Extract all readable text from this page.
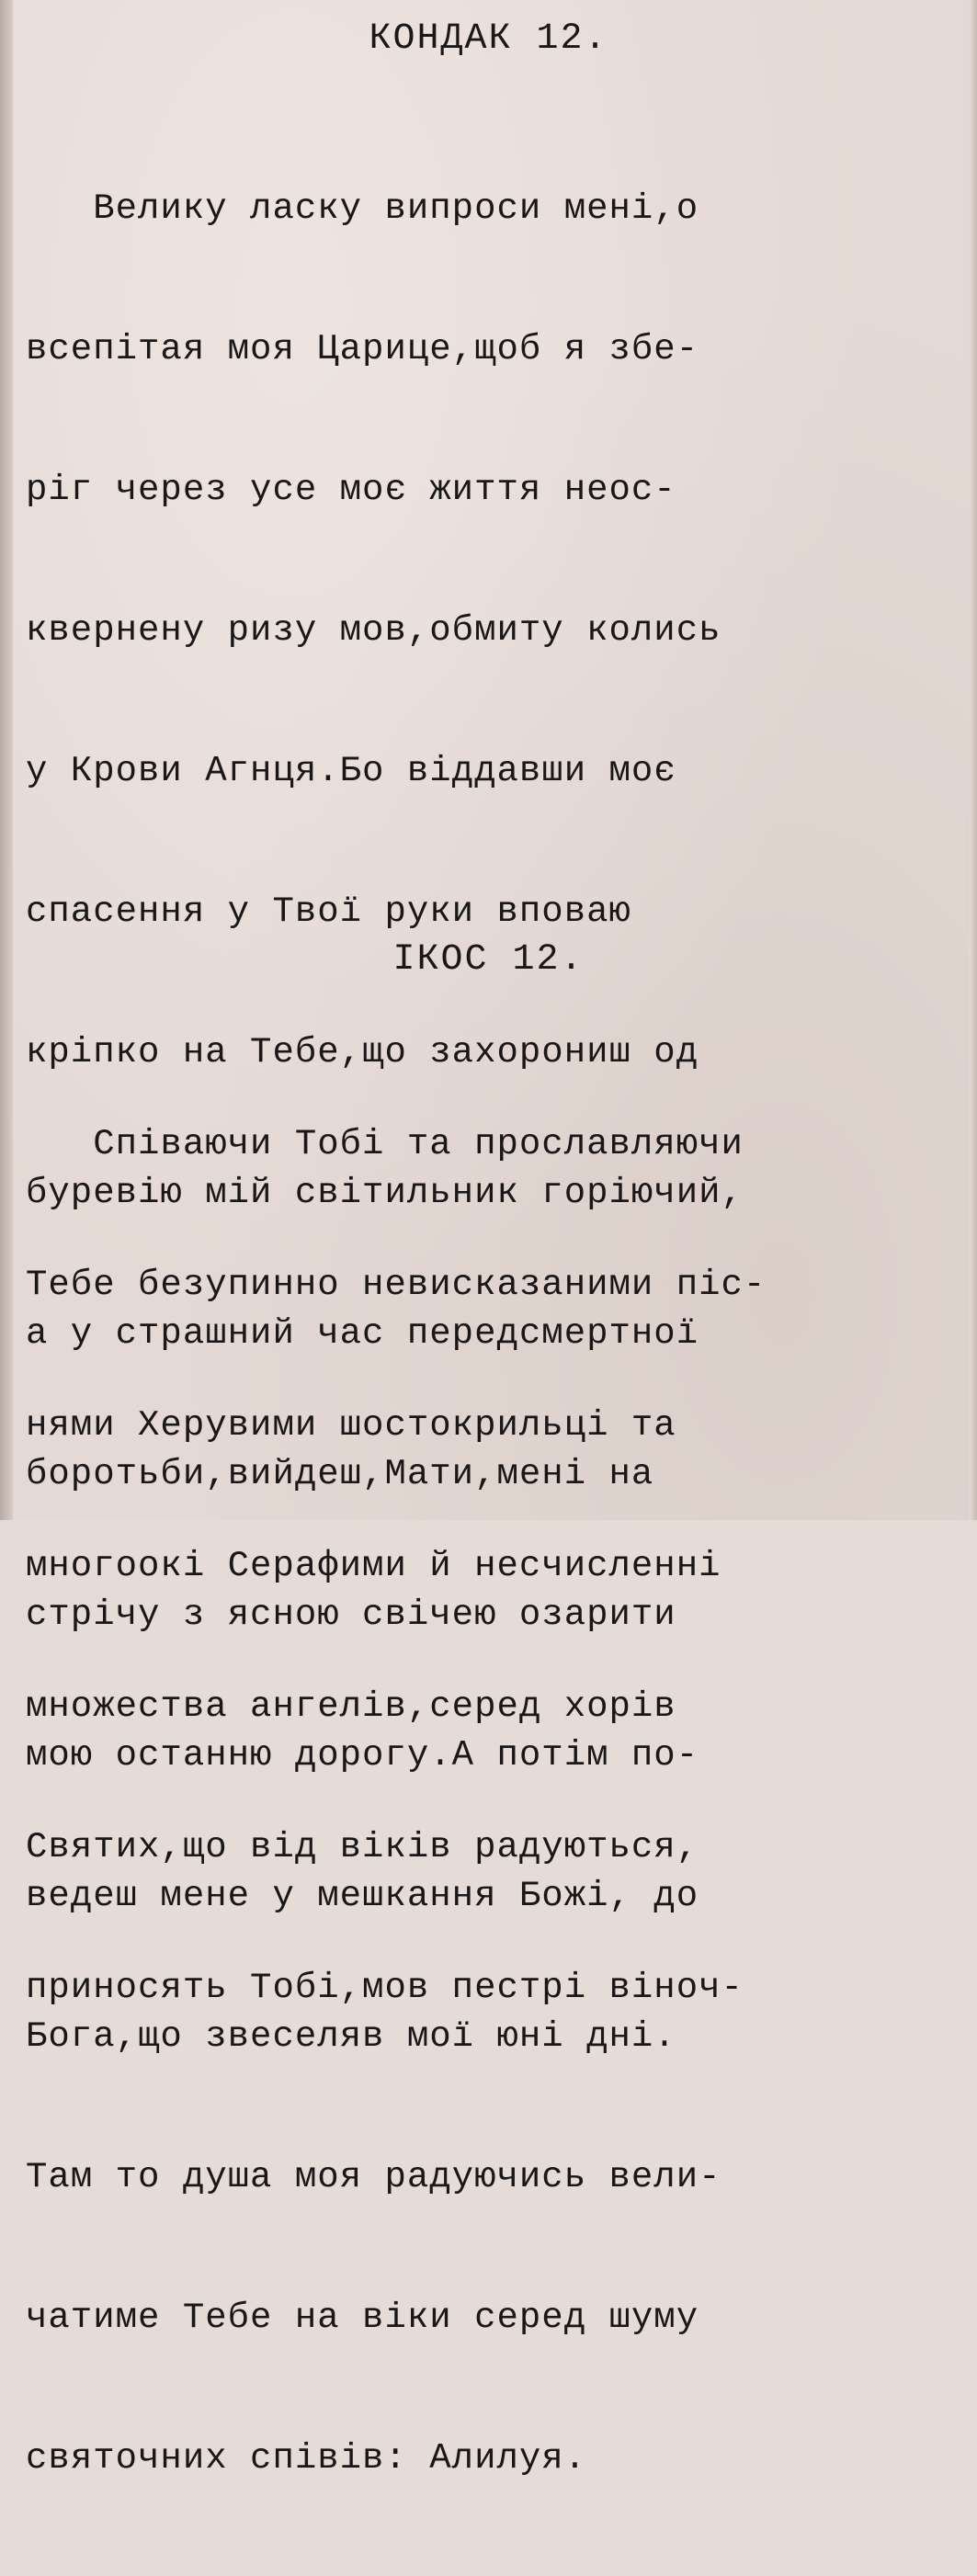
КОНДАК 12.

Велику ласку випроси мені,о

всепітая моя Царице,щоб я збе-

ріг через усе моє життя неос-

квернену ризу мов,обмиту колись

у Крови Агнця.Бо віддавши моє

спасення у Твої руки вповаю

кріпко на Тебе,що захорониш од

буревію мій світильник горіючий,

а у страшний час передсмертної

боротьби,вийдеш,Мати,мені на

стрічу з ясною свічею озарити

мою останню дорогу.А потім по-

ведеш мене у мешкання Божі, до

Бога,що звеселяв мої юні дні.

Там то душа моя радуючись вели-

чатиме Тебе на віки серед шуму

святочних співів: Алилуя.

ІКОС 12.

Співаючи Тобі та прославляючи

Тебе безупинно невисказаними піс-

нями Херувими шостокрильці та

многоокі Серафими й несчисленні

множества ангелів,серед хорів

Святих,що від віків радуються,

приносять Тобі,мов пестрі віноч-
